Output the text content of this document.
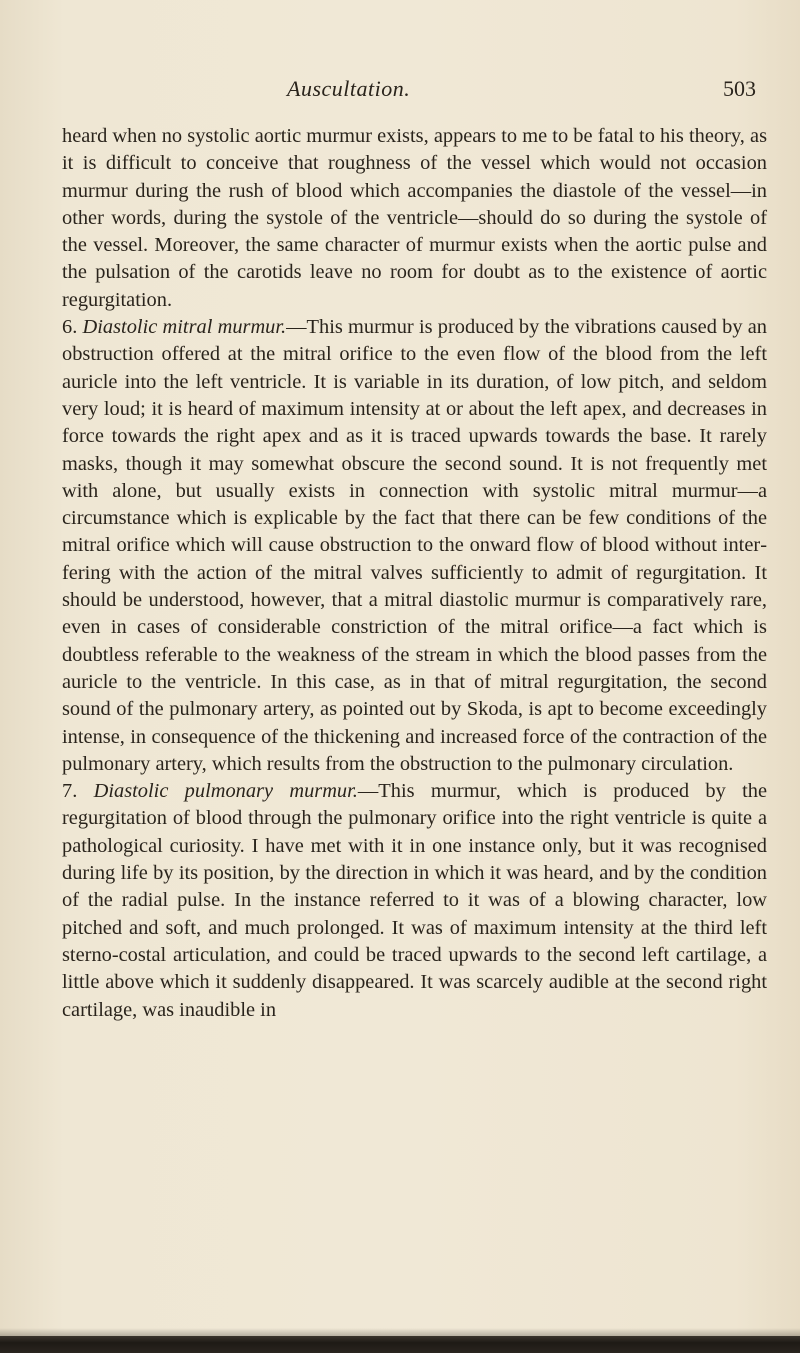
Auscultation.	503

heard when no systolic aortic murmur exists, appears to me to be fatal to his theory, as it is difficult to conceive that roughness of the vessel which would not occasion murmur during the rush of blood which accompanies the diastole of the vessel—in other words, during the systole of the ventricle—should do so during the systole of the vessel. Moreover, the same character of murmur exists when the aortic pulse and the pulsation of the carotids leave no room for doubt as to the existence of aortic regurgitation.

6. Diastolic mitral murmur.—This murmur is produced by the vibrations caused by an obstruction offered at the mitral orifice to the even flow of the blood from the left auricle into the left ventricle. It is variable in its duration, of low pitch, and seldom very loud; it is heard of maximum intensity at or about the left apex, and decreases in force towards the right apex and as it is traced upwards towards the base. It rarely masks, though it may somewhat obscure the second sound. It is not frequently met with alone, but usually exists in connection with systolic mitral murmur—a circumstance which is explicable by the fact that there can be few conditions of the mitral orifice which will cause obstruction to the onward flow of blood without interfering with the action of the mitral valves sufficiently to admit of regurgitation. It should be understood, however, that a mitral diastolic murmur is comparatively rare, even in cases of considerable constriction of the mitral orifice—a fact which is doubtless referable to the weakness of the stream in which the blood passes from the auricle to the ventricle. In this case, as in that of mitral regurgitation, the second sound of the pulmonary artery, as pointed out by Skoda, is apt to become exceedingly intense, in consequence of the thickening and increased force of the contraction of the pulmonary artery, which results from the obstruction to the pulmonary circulation.

7. Diastolic pulmonary murmur.—This murmur, which is produced by the regurgitation of blood through the pulmonary orifice into the right ventricle is quite a pathological curiosity. I have met with it in one instance only, but it was recognised during life by its position, by the direction in which it was heard, and by the condition of the radial pulse. In the instance referred to it was of a blowing character, low pitched and soft, and much prolonged. It was of maximum intensity at the third left sterno-costal articulation, and could be traced upwards to the second left cartilage, a little above which it suddenly disappeared. It was scarcely audible at the second right cartilage, was inaudible in
